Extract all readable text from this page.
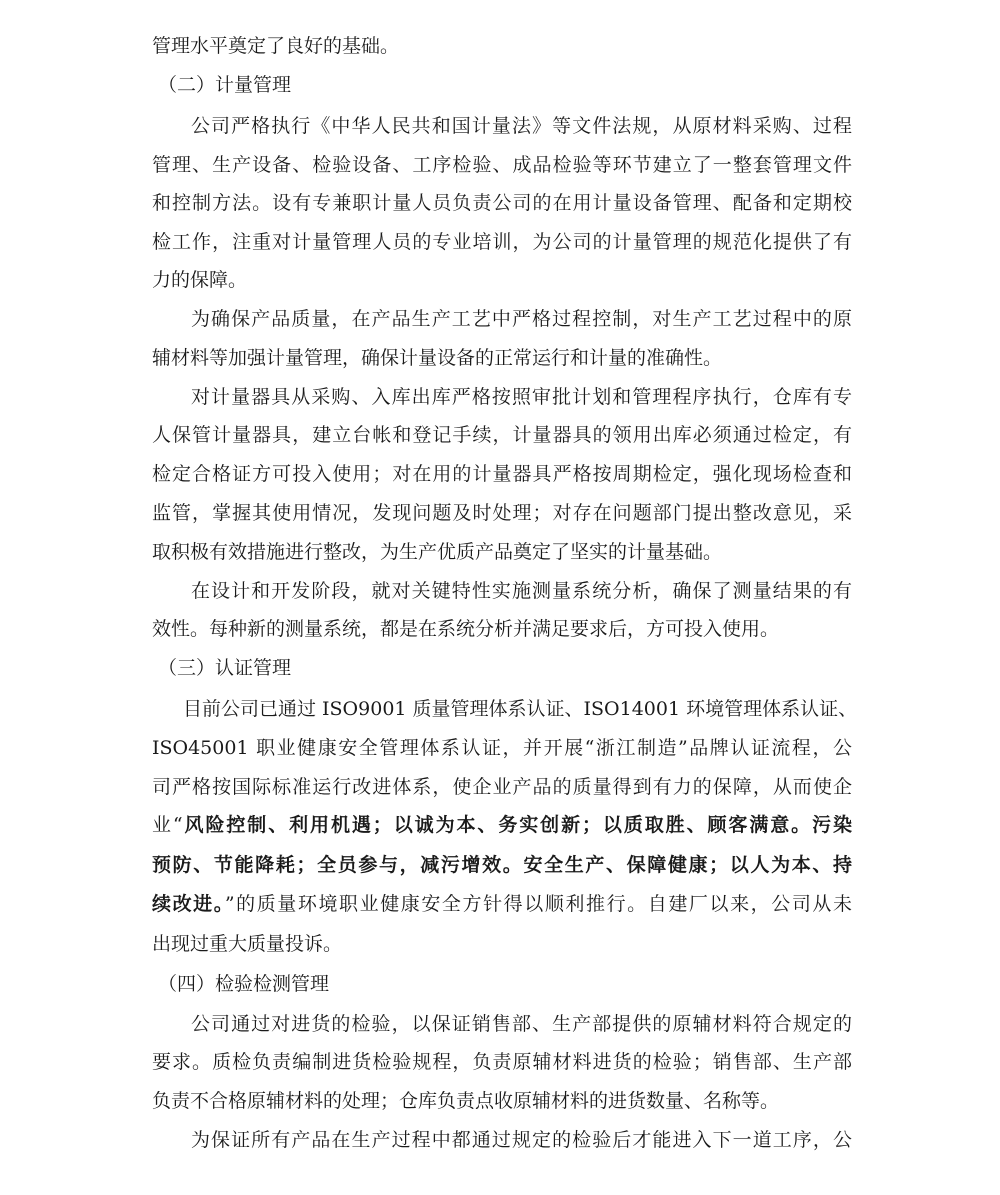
管理水平奠定了良好的基础。
（二）计量管理
公司严格执行《中华人民共和国计量法》等文件法规，从原材料采购、过程
管理、生产设备、检验设备、工序检验、成品检验等环节建立了一整套管理文件
和控制方法。设有专兼职计量人员负责公司的在用计量设备管理、配备和定期校
检工作，注重对计量管理人员的专业培训，为公司的计量管理的规范化提供了有
力的保障。
为确保产品质量，在产品生产工艺中严格过程控制，对生产工艺过程中的原
辅材料等加强计量管理，确保计量设备的正常运行和计量的准确性。
对计量器具从采购、入库出库严格按照审批计划和管理程序执行，仓库有专
人保管计量器具，建立台帐和登记手续，计量器具的领用出库必须通过检定，有
检定合格证方可投入使用；对在用的计量器具严格按周期检定，强化现场检查和
监管，掌握其使用情况，发现问题及时处理；对存在问题部门提出整改意见，采
取积极有效措施进行整改，为生产优质产品奠定了坚实的计量基础。
在设计和开发阶段，就对关键特性实施测量系统分析，确保了测量结果的有
效性。每种新的测量系统，都是在系统分析并满足要求后，方可投入使用。
（三）认证管理
目前公司已通过 ISO9001 质量管理体系认证、ISO14001 环境管理体系认证、
ISO45001 职业健康安全管理体系认证，并开展“浙江制造”品牌认证流程，公
司严格按国际标准运行改进体系，使企业产品的质量得到有力的保障，从而使企
业“风险控制、利用机遇；以诚为本、务实创新；以质取胜、顾客满意。污染
预防、节能降耗；全员参与，减污增效。安全生产、保障健康；以人为本、持
续改进。”的质量环境职业健康安全方针得以顺利推行。自建厂以来，公司从未
出现过重大质量投诉。
（四）检验检测管理
公司通过对进货的检验，以保证销售部、生产部提供的原辅材料符合规定的
要求。质检负责编制进货检验规程，负责原辅材料进货的检验；销售部、生产部
负责不合格原辅材料的处理；仓库负责点收原辅材料的进货数量、名称等。
为保证所有产品在生产过程中都通过规定的检验后才能进入下一道工序，公
